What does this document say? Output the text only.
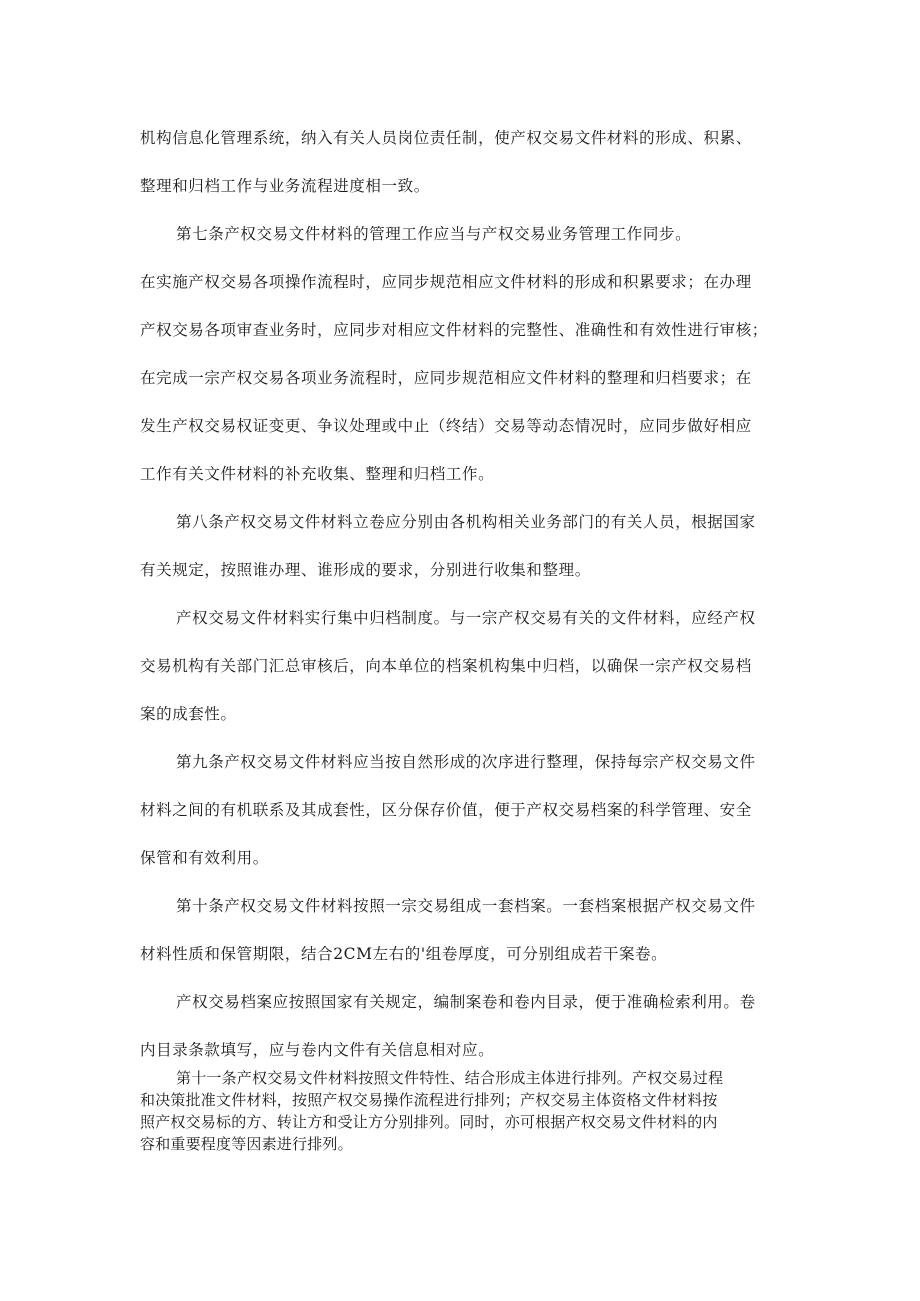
机构信息化管理系统，纳入有关人员岗位责任制，使产权交易文件材料的形成、积累、
整理和归档工作与业务流程进度相一致。
第七条产权交易文件材料的管理工作应当与产权交易业务管理工作同步。
在实施产权交易各项操作流程时，应同步规范相应文件材料的形成和积累要求；在办理
产权交易各项审查业务时，应同步对相应文件材料的完整性、准确性和有效性进行审核；
在完成一宗产权交易各项业务流程时，应同步规范相应文件材料的整理和归档要求；在
发生产权交易权证变更、争议处理或中止（终结）交易等动态情况时，应同步做好相应
工作有关文件材料的补充收集、整理和归档工作。
第八条产权交易文件材料立卷应分别由各机构相关业务部门的有关人员，根据国家
有关规定，按照谁办理、谁形成的要求，分别进行收集和整理。
产权交易文件材料实行集中归档制度。与一宗产权交易有关的文件材料，应经产权
交易机构有关部门汇总审核后，向本单位的档案机构集中归档，以确保一宗产权交易档
案的成套性。
第九条产权交易文件材料应当按自然形成的次序进行整理，保持每宗产权交易文件
材料之间的有机联系及其成套性，区分保存价值，便于产权交易档案的科学管理、安全
保管和有效利用。
第十条产权交易文件材料按照一宗交易组成一套档案。一套档案根据产权交易文件
材料性质和保管期限，结合2CM左右的'组卷厚度，可分别组成若干案卷。
产权交易档案应按照国家有关规定，编制案卷和卷内目录，便于准确检索利用。卷
内目录条款填写，应与卷内文件有关信息相对应。
第十一条产权交易文件材料按照文件特性、结合形成主体进行排列。产权交易过程
和决策批准文件材料，按照产权交易操作流程进行排列；产权交易主体资格文件材料按
照产权交易标的方、转让方和受让方分别排列。同时，亦可根据产权交易文件材料的内
容和重要程度等因素进行排列。
